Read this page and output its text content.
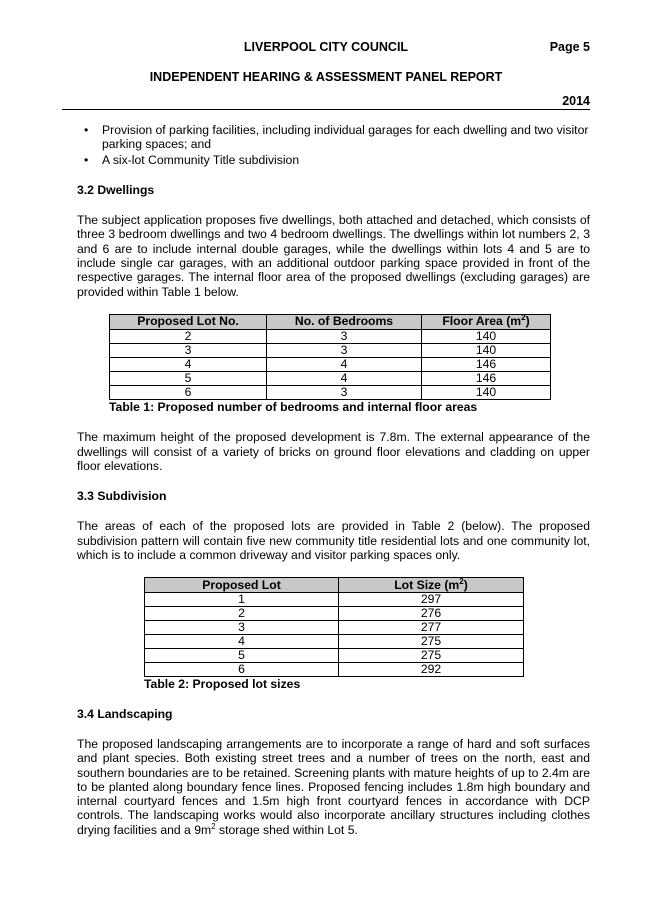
LIVERPOOL CITY COUNCIL	Page 5
INDEPENDENT HEARING & ASSESSMENT PANEL REPORT
2014
• Provision of parking facilities, including individual garages for each dwelling and two visitor parking spaces; and
• A six-lot Community Title subdivision
3.2 Dwellings

The subject application proposes five dwellings, both attached and detached, which consists of three 3 bedroom dwellings and two 4 bedroom dwellings. The dwellings within lot numbers 2, 3 and 6 are to include internal double garages, while the dwellings within lots 4 and 5 are to include single car garages, with an additional outdoor parking space provided in front of the respective garages. The internal floor area of the proposed dwellings (excluding garages) are provided within Table 1 below.

Proposed Lot No.	No. of Bedrooms	Floor Area $(m^2)$
2	3	140
3	3	140
4	4	146
5	4	146
6	3	140
Table 1: Proposed number of bedrooms and internal floor areas

The maximum height of the proposed development is 7.8m. The external appearance of the dwellings will consist of a variety of bricks on ground floor elevations and cladding on upper floor elevations.

3.3 Subdivision

The areas of each of the proposed lots are provided in Table 2 (below). The proposed subdivision pattern will contain five new community title residential lots and one community lot, which is to include a common driveway and visitor parking spaces only.

Proposed Lot	Lot Size $(m^2)$
1	297
2	276
3	277
4	275
5	275
6	292
Table 2: Proposed lot sizes
3.4 Landscaping

The proposed landscaping arrangements are to incorporate a range of hard and soft surfaces and plant species. Both existing street trees and a number of trees on the north, east and southern boundaries are to be retained. Screening plants with mature heights of up to 2.4m are to be planted along boundary fence lines. Proposed fencing includes 1.8m high boundary and internal courtyard fences and 1.5m high front courtyard fences in accordance with DCP controls. The landscaping works would also incorporate ancillary structures including clothes drying facilities and a $9m^2$ storage shed within Lot 5.
